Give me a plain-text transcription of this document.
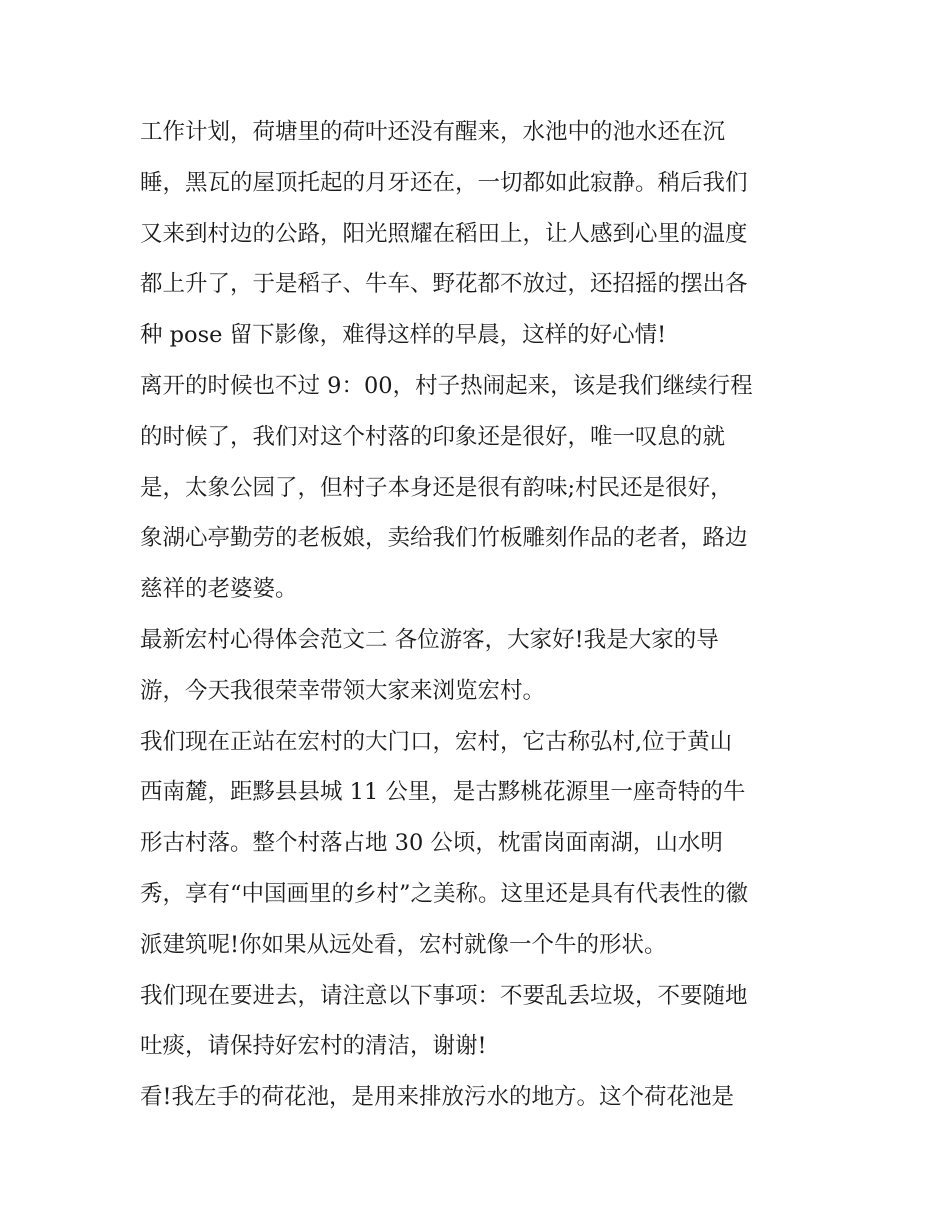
工作计划，荷塘里的荷叶还没有醒来，水池中的池水还在沉
睡，黑瓦的屋顶托起的月牙还在，一切都如此寂静。稍后我们
又来到村边的公路，阳光照耀在稻田上，让人感到心里的温度
都上升了，于是稻子、牛车、野花都不放过，还招摇的摆出各
种 pose 留下影像，难得这样的早晨，这样的好心情!
离开的时候也不过 9：00，村子热闹起来，该是我们继续行程
的时候了，我们对这个村落的印象还是很好，唯一叹息的就
是，太象公园了，但村子本身还是很有韵味;村民还是很好，
象湖心亭勤劳的老板娘，卖给我们竹板雕刻作品的老者，路边
慈祥的老婆婆。
最新宏村心得体会范文二 各位游客，大家好!我是大家的导
游，今天我很荣幸带领大家来浏览宏村。
我们现在正站在宏村的大门口，宏村，它古称弘村,位于黄山
西南麓，距黟县县城 11 公里，是古黟桃花源里一座奇特的牛
形古村落。整个村落占地 30 公顷，枕雷岗面南湖，山水明
秀，享有“中国画里的乡村”之美称。这里还是具有代表性的徽
派建筑呢!你如果从远处看，宏村就像一个牛的形状。
我们现在要进去，请注意以下事项：不要乱丢垃圾，不要随地
吐痰，请保持好宏村的清洁，谢谢!
看!我左手的荷花池，是用来排放污水的地方。这个荷花池是
